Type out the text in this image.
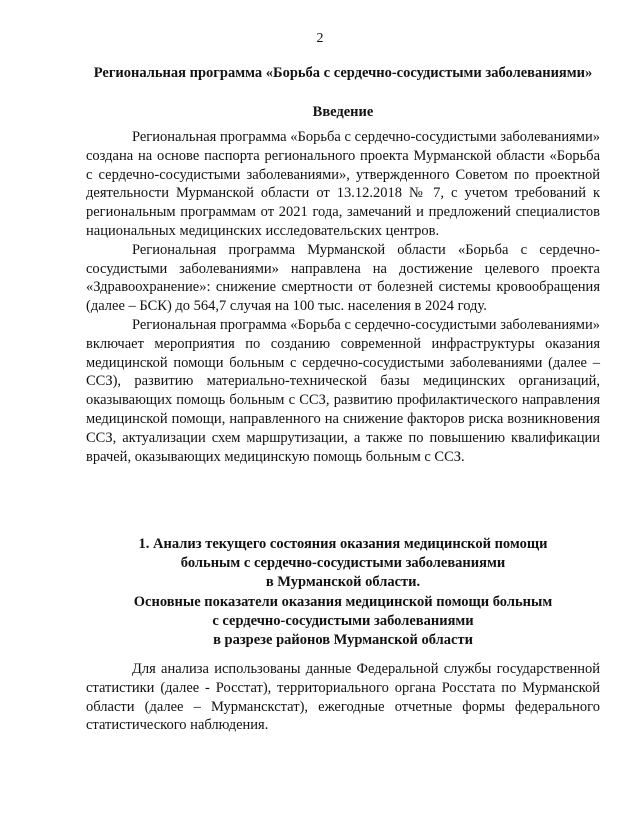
2
Региональная программа «Борьба с сердечно-сосудистыми заболеваниями»
Введение

Региональная программа «Борьба с сердечно-сосудистыми заболеваниями» создана на основе паспорта регионального проекта Мурманской области «Борьба с сердечно-сосудистыми заболеваниями», утвержденного Советом по проектной деятельности Мурманской области от 13.12.2018 № 7, с учетом требований к региональным программам от 2021 года, замечаний и предложений специалистов национальных медицинских исследовательских центров.

Региональная программа Мурманской области «Борьба с сердечно-сосудистыми заболеваниями» направлена на достижение целевого проекта «Здравоохранение»: снижение смертности от болезней системы кровообращения (далее – БСК) до 564,7 случая на 100 тыс. населения в 2024 году.

Региональная программа «Борьба с сердечно-сосудистыми заболеваниями» включает мероприятия по созданию современной инфраструктуры оказания медицинской помощи больным с сердечно-сосудистыми заболеваниями (далее – ССЗ), развитию материально-технической базы медицинских организаций, оказывающих помощь больным с ССЗ, развитию профилактического направления медицинской помощи, направленного на снижение факторов риска возникновения ССЗ, актуализации схем маршрутизации, а также по повышению квалификации врачей, оказывающих медицинскую помощь больным с ССЗ.

1. Анализ текущего состояния оказания медицинской помощи
больным с сердечно-сосудистыми заболеваниями
в Мурманской области.
Основные показатели оказания медицинской помощи больным
с сердечно-сосудистыми заболеваниями
в разрезе районов Мурманской области

Для анализа использованы данные Федеральной службы государственной статистики (далее - Росстат), территориального органа Росстата по Мурманской области (далее – Мурманскстат), ежегодные отчетные формы федерального статистического наблюдения.
